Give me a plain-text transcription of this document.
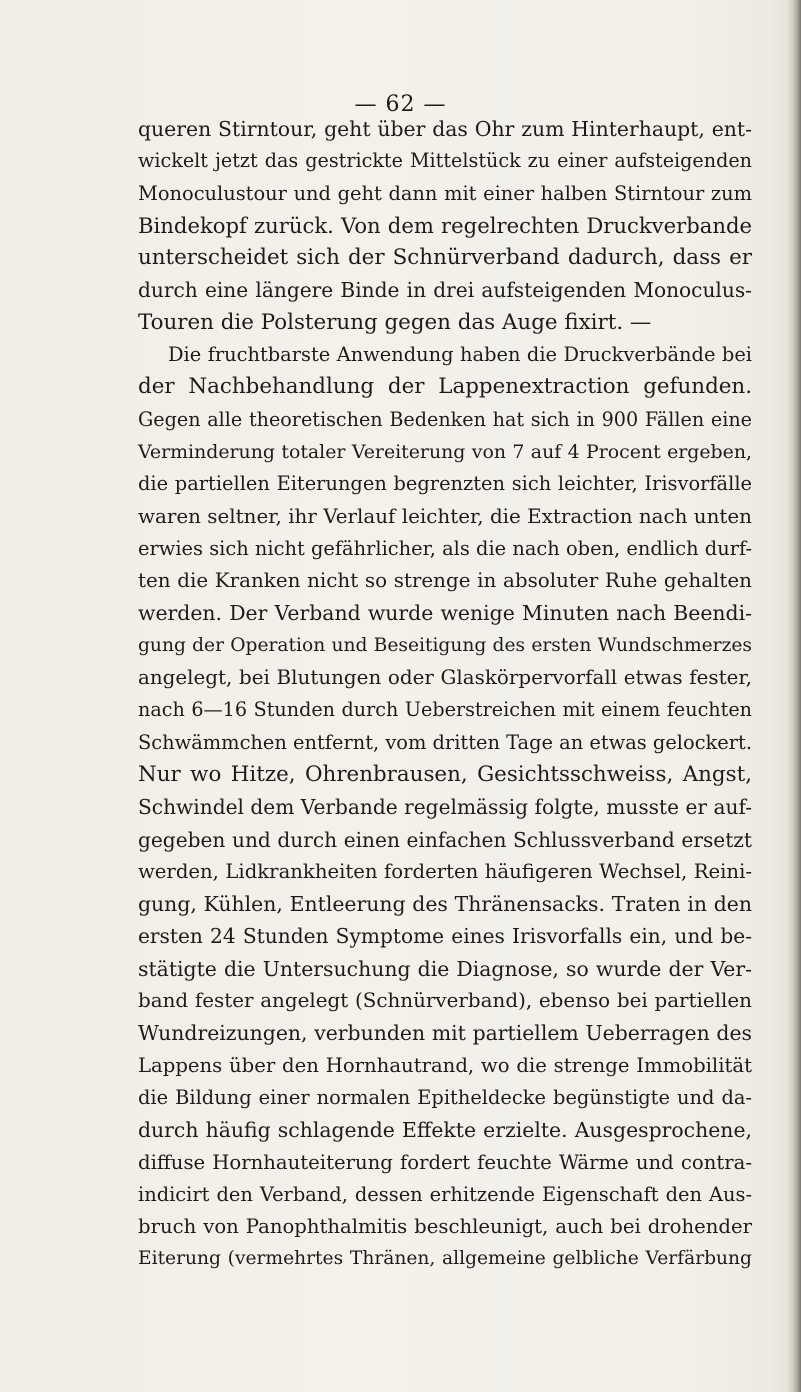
— 62 —
queren Stirntour, geht über das Ohr zum Hinterhaupt, ent-
wickelt jetzt das gestrickte Mittelstück zu einer aufsteigenden
Monoculustour und geht dann mit einer halben Stirntour zum
Bindekopf zurück. Von dem regelrechten Druckverbande
unterscheidet sich der Schnürverband dadurch, dass er
durch eine längere Binde in drei aufsteigenden Monoculus-
Touren die Polsterung gegen das Auge fixirt. —
Die fruchtbarste Anwendung haben die Druckverbände bei
der Nachbehandlung der Lappenextraction gefunden.
Gegen alle theoretischen Bedenken hat sich in 900 Fällen eine
Verminderung totaler Vereiterung von 7 auf 4 Procent ergeben,
die partiellen Eiterungen begrenzten sich leichter, Irisvorfälle
waren seltner, ihr Verlauf leichter, die Extraction nach unten
erwies sich nicht gefährlicher, als die nach oben, endlich durf-
ten die Kranken nicht so strenge in absoluter Ruhe gehalten
werden. Der Verband wurde wenige Minuten nach Beendi-
gung der Operation und Beseitigung des ersten Wundschmerzes
angelegt, bei Blutungen oder Glaskörpervorfall etwas fester,
nach 6—16 Stunden durch Ueberstreichen mit einem feuchten
Schwämmchen entfernt, vom dritten Tage an etwas gelockert.
Nur wo Hitze, Ohrenbrausen, Gesichtsschweiss, Angst,
Schwindel dem Verbande regelmässig folgte, musste er auf-
gegeben und durch einen einfachen Schlussverband ersetzt
werden, Lidkrankheiten forderten häufigeren Wechsel, Reini-
gung, Kühlen, Entleerung des Thränensacks. Traten in den
ersten 24 Stunden Symptome eines Irisvorfalls ein, und be-
stätigte die Untersuchung die Diagnose, so wurde der Ver-
band fester angelegt (Schnürverband), ebenso bei partiellen
Wundreizungen, verbunden mit partiellem Ueberragen des
Lappens über den Hornhautrand, wo die strenge Immobilität
die Bildung einer normalen Epitheldecke begünstigte und da-
durch häufig schlagende Effekte erzielte. Ausgesprochene,
diffuse Hornhauteiterung fordert feuchte Wärme und contra-
indicirt den Verband, dessen erhitzende Eigenschaft den Aus-
bruch von Panophthalmitis beschleunigt, auch bei drohender
Eiterung (vermehrtes Thränen, allgemeine gelbliche Verfärbung
